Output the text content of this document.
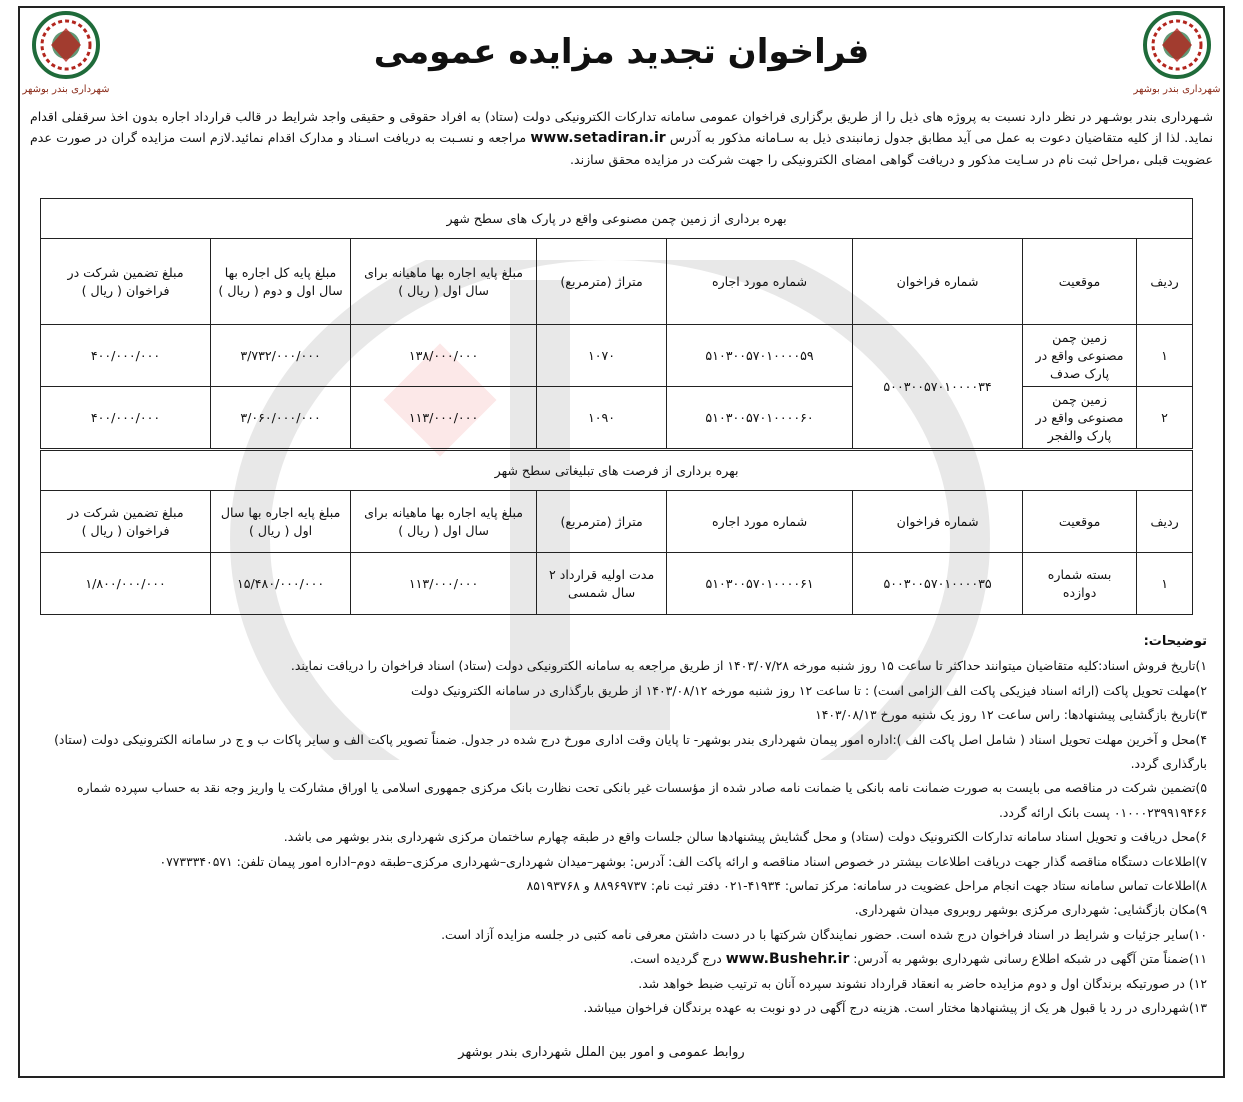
شهرداری بندر بوشهر
شهرداری بندر بوشهر
فراخوان تجدید مزایده عمومی

شـهرداری بندر بوشـهر در نظر دارد نسبت به پروژه های ذیل را از طریق برگزاری فراخوان عمومی سامانه تدارکات الکترونیکی دولت (ستاد) به افراد حقوقی و حقیقی واجد شرایط در قالب قرارداد اجاره بدون اخذ سرقفلی اقدام نماید. لذا از کلیه متقاضیان دعوت به عمل می آید مطابق جدول زمانبندی ذیل به سـامانه مذکور به آدرس www.setadiran.ir مراجعه و نسـبت به دریافت اسـناد و مدارک اقدام نمائید.لازم است مزایده گران در صورت عدم عضویت قبلی ،مراحل ثبت نام در سـایت مذکور و دریافت گواهی امضای الکترونیکی را جهت شرکت در مزایده محقق سازند.

بهره برداری از زمین چمن مصنوعی واقع در پارک های سطح شهر							
ردیف	موقعیت	شماره فراخوان	شماره مورد اجاره	متراژ (مترمربع)	مبلغ پایه اجاره بها ماهیانه برای سال اول ( ریال )	مبلغ پایه کل اجاره بها سال اول و دوم ( ریال )	مبلغ تضمین شرکت در فراخوان ( ریال )
۱	زمین چمن مصنوعی واقع در پارک صدف	۵۰۰۳۰۰۵۷۰۱۰۰۰۰۳۴	۵۱۰۳۰۰۵۷۰۱۰۰۰۰۵۹	۱۰۷۰	۱۳۸/۰۰۰/۰۰۰	۳/۷۳۲/۰۰۰/۰۰۰	۴۰۰/۰۰۰/۰۰۰
۲	زمین چمن مصنوعی واقع در پارک والفجر		۵۱۰۳۰۰۵۷۰۱۰۰۰۰۶۰	۱۰۹۰	۱۱۳/۰۰۰/۰۰۰	۳/۰۶۰/۰۰۰/۰۰۰	۴۰۰/۰۰۰/۰۰۰
بهره برداری از فرصت های تبلیغاتی سطح شهر							
ردیف	موقعیت	شماره فراخوان	شماره مورد اجاره	متراژ (مترمربع)	مبلغ پایه اجاره بها ماهیانه برای سال اول ( ریال )	مبلغ پایه اجاره بها سال اول ( ریال )	مبلغ تضمین شرکت در فراخوان ( ریال )
۱	بسته شماره دوازده	۵۰۰۳۰۰۵۷۰۱۰۰۰۰۳۵	۵۱۰۳۰۰۵۷۰۱۰۰۰۰۶۱	مدت اولیه قرارداد ۲ سال شمسی	۱۱۳/۰۰۰/۰۰۰	۱۵/۴۸۰/۰۰۰/۰۰۰	۱/۸۰۰/۰۰۰/۰۰۰
توضیحات:
۱)تاریخ فروش اسناد:کلیه متقاضیان میتوانند حداکثر تا ساعت ۱۵ روز شنبه مورخه ۱۴۰۳/۰۷/۲۸ از طریق مراجعه به سامانه الکترونیکی دولت (ستاد) اسناد فراخوان را دریافت نمایند.
۲)مهلت تحویل پاکت (ارائه اسناد فیزیکی پاکت الف الزامی است) : تا ساعت ۱۲ روز شنبه مورخه ۱۴۰۳/۰۸/۱۲ از طریق بارگذاری در سامانه الکترونیک دولت
۳)تاریخ بازگشایی پیشنهادها: راس ساعت ۱۲ روز یک شنبه مورخ ۱۴۰۳/۰۸/۱۳
۴)محل و آخرین مهلت تحویل اسناد ( شامل اصل پاکت الف ):اداره امور پیمان شهرداری بندر بوشهر- تا پایان وقت اداری مورخ درج شده در جدول. ضمناً تصویر پاکت الف و سایر پاکات ب و ج در سامانه الکترونیکی دولت (ستاد) بارگذاری گردد.
۵)تضمین شرکت در مناقصه می بایست به صورت ضمانت نامه بانکی یا ضمانت نامه صادر شده از مؤسسات غیر بانکی تحت نظارت بانک مرکزی جمهوری اسلامی یا اوراق مشارکت یا واریز وجه نقد به حساب سپرده شماره ۰۱۰۰۰۲۳۹۹۱۹۴۶۶ پست بانک ارائه گردد.
۶)محل دریافت و تحویل اسناد سامانه تدارکات الکترونیک دولت (ستاد) و محل گشایش پیشنهادها سالن جلسات واقع در طبقه چهارم ساختمان مرکزی شهرداری بندر بوشهر می باشد.
۷)اطلاعات دستگاه مناقصه گذار جهت دریافت اطلاعات بیشتر در خصوص اسناد مناقصه و ارائه پاکت الف: آدرس: بوشهر–میدان شهرداری–شهرداری مرکزی–طبقه دوم–اداره امور پیمان تلفن: ۰۷۷۳۳۳۴۰۵۷۱
۸)اطلاعات تماس سامانه ستاد جهت انجام مراحل عضویت در سامانه: مرکز تماس: ۴۱۹۳۴-۰۲۱ دفتر ثبت نام: ۸۸۹۶۹۷۳۷ و ۸۵۱۹۳۷۶۸
۹)مکان بازگشایی: شهرداری مرکزی بوشهر روبروی میدان شهرداری.
۱۰)سایر جزئیات و شرایط در اسناد فراخوان درج شده است. حضور نمایندگان شرکتها با در دست داشتن معرفی نامه کتبی در جلسه مزایده آزاد است.
۱۱)ضمناً متن آگهی در شبکه اطلاع رسانی شهرداری بوشهر به آدرس: www.Bushehr.ir درج گردیده است.
۱۲) در صورتیکه برندگان اول و دوم مزایده حاضر به انعقاد قرارداد نشوند سپرده آنان به ترتیب ضبط خواهد شد.
۱۳)شهرداری در رد یا قبول هر یک از پیشنهادها مختار است. هزینه درج آگهی در دو نوبت به عهده برندگان فراخوان میباشد.
روابط عمومی و امور بین الملل شهرداری بندر بوشهر
